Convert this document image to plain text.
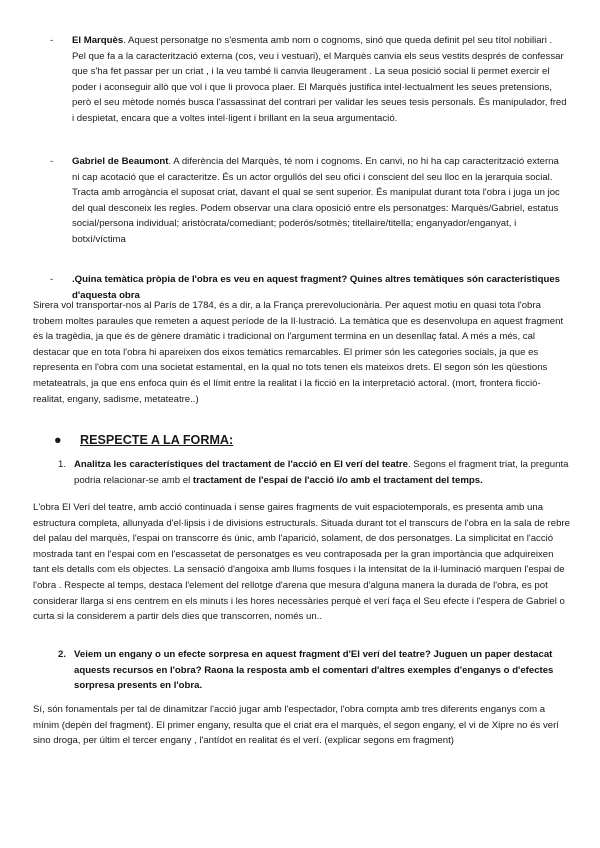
- El Marquès. Aquest personatge no s'esmenta amb nom o cognoms, sinó que queda definit pel seu títol nobiliari . Pel que fa a la caracterització externa (cos, veu i vestuari), el Marquès canvia els seus vestits després de confessar que s'ha fet passar per un criat , i la veu també li canvia lleugerament . La seua posició social li permet exercir el poder i aconseguir allò que vol i que li provoca plaer. El Marquès justifica intel·lectualment les seues pretensions, però el seu mètode només busca l'assassinat del contrari per validar les seues tesis personals. És manipulador, fred i despietat, encara que a voltes intel·ligent i brillant en la seua argumentació.
- Gabriel de Beaumont. A diferència del Marquès, té nom i cognoms. En canvi, no hi ha cap caracterització externa ni cap acotació que el caracteritze. És un actor orgullós del seu ofici i conscient del seu lloc en la jerarquia social. Tracta amb arrogància el suposat criat, davant el qual se sent superior. És manipulat durant tota l'obra i juga un joc del qual desconeix les regles. Podem observar una clara oposició entre els personatges: Marquès/Gabriel, estatus social/persona individual; aristòcrata/comediant; poderós/sotmès; titellaire/titella; enganyador/enganyat, i botxí/víctima
- .Quina temàtica pròpia de l'obra es veu en aquest fragment? Quines altres temàtiques són característiques d'aquesta obra
Sirera vol transportar-nos al París de 1784, és a dir, a la França prerevolucionària. Per aquest motiu en quasi tota l'obra trobem moltes paraules que remeten a aquest període de la Il·lustració. La temàtica que es desenvolupa en aquest fragment és la tragèdia, ja que és de gènere dramàtic i tradicional on l'argument termina en un desenllaç fatal. A més a més, cal destacar que en tota l'obra hi apareixen dos eixos temàtics remarcables. El primer són les categories socials, ja que es representa en l'obra com una societat estamental, en la qual no tots tenen els mateixos drets. El segon són les qüestions metateatrals, ja que ens enfoca quin és el límit entre la realitat i la ficció en la interpretació actoral. (mort, frontera ficció-realitat, engany, sadisme, metateatre..)
● RESPECTE A LA FORMA:
1. Analitza les característiques del tractament de l'acció en El verí del teatre. Segons el fragment triat, la pregunta podria relacionar-se amb el tractament de l'espai de l'acció i/o amb el tractament del temps.
L'obra El Verí del teatre, amb acció continuada i sense gaires fragments de vuit espaciotemporals, es presenta amb una estructura completa, allunyada d'el·lipsis i de divisions estructurals. Situada durant tot el transcurs de l'obra en la sala de rebre del palau del marquès, l'espai on transcorre és únic, amb l'aparició, solament, de dos personatges. La simplicitat en l'acció mostrada tant en l'espai com en l'escassetat de personatges es veu contraposada per la gran importància que adquireixen tant els detalls com els objectes. La sensació d'angoixa amb llums fosques i la intensitat de la il·luminació marquen l'espai de l'obra . Respecte al temps, destaca l'element del rellotge d'arena que mesura d'alguna manera la durada de l'obra, es pot considerar llarga si ens centrem en els minuts i les hores necessàries perquè el verí faça el Seu efecte i l'espera de Gabriel o curta si la considerem a partir dels dies que transcorren, només un..
2. Veiem un engany o un efecte sorpresa en aquest fragment d'El verí del teatre? Juguen un paper destacat aquests recursos en l'obra? Raona la resposta amb el comentari d'altres exemples d'enganys o d'efectes sorpresa presents en l'obra.
Sí, són fonamentals per tal de dinamitzar l'acció jugar amb l'espectador, l'obra compta amb tres diferents enganys com a mínim (depèn del fragment). El primer engany, resulta que el criat era el marquès, el segon engany, el vi de Xipre no és verí sino droga, per últim el tercer engany , l'antídot en realitat és el verí. (explicar segons em fragment)
